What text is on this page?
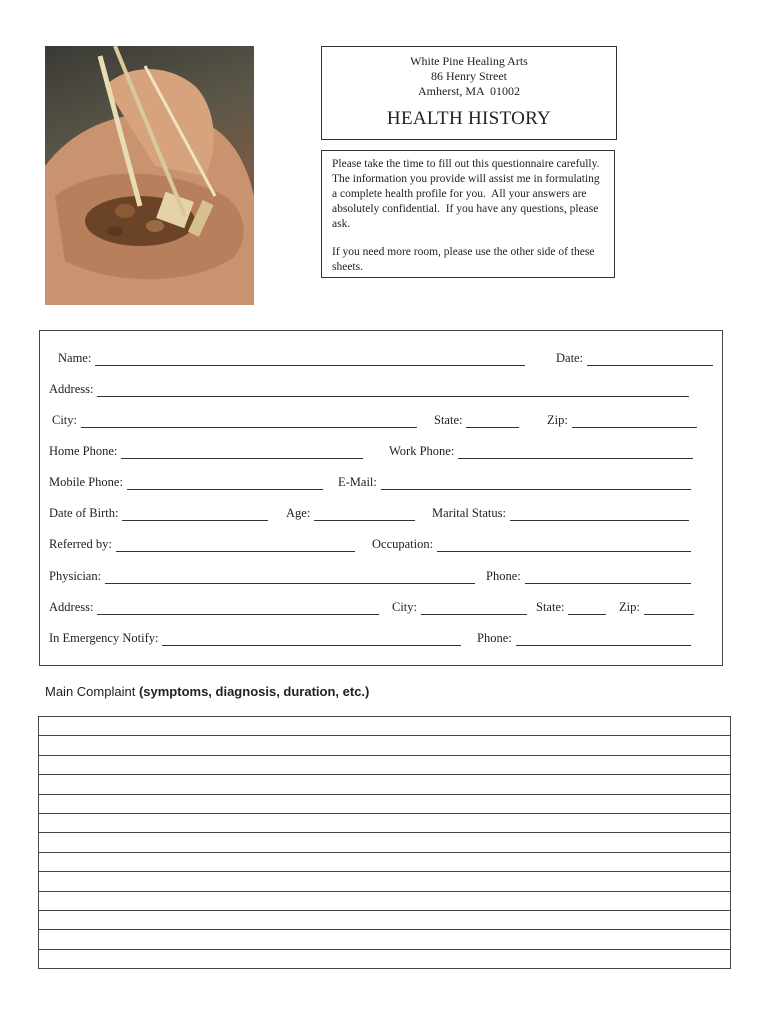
White Pine Healing Arts
86 Henry Street
Amherst, MA  01002
HEALTH HISTORY

Please take the time to fill out this questionnaire carefully.  The information you provide will assist me in formulating a complete health profile for you.  All your answers are absolutely confidential.  If you have any questions, please ask.

If you need more room, please use the other side of these sheets.

Name:	Date:
Address:
City:	State:	Zip:
Home Phone:	Work Phone:
Mobile Phone:	E-Mail:
Date of Birth:	Age:	Marital Status:
Referred by:	Occupation:
Physician:	Phone:
Address:	City:	State:	Zip:
In Emergency Notify:	Phone:
Main Complaint (symptoms, diagnosis, duration, etc.)
